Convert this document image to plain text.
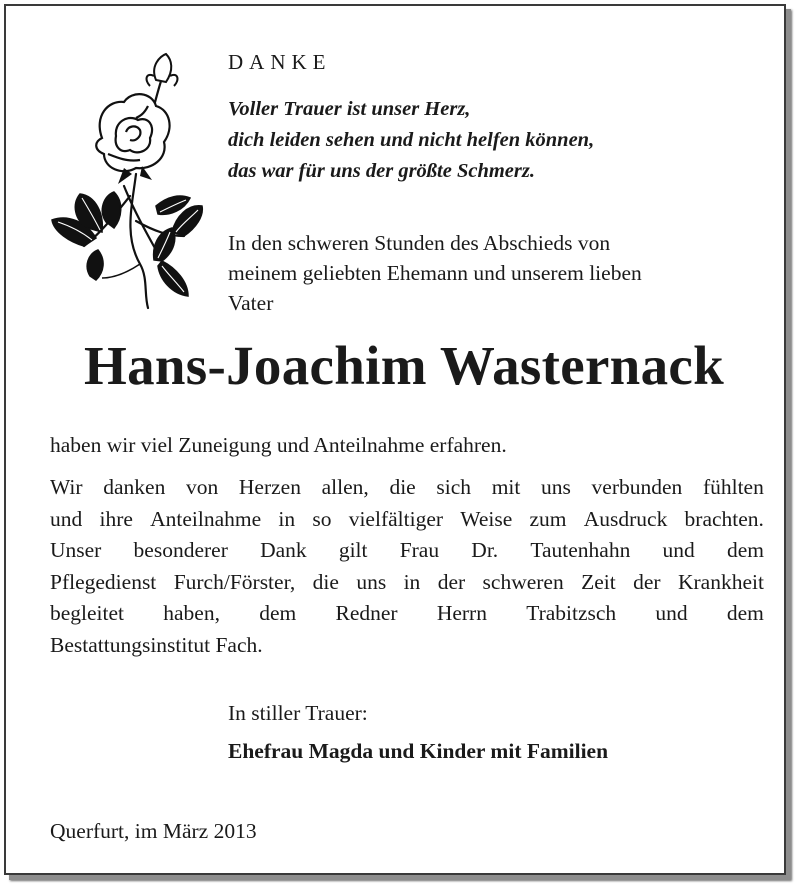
DANKE
Voller Trauer ist unser Herz,
dich leiden sehen und nicht helfen können,
das war für uns der größte Schmerz.
In den schweren Stunden des Abschieds von
meinem geliebten Ehemann und unserem lieben
Vater
Hans-Joachim Wasternack
haben wir viel Zuneigung und Anteilnahme erfahren.
Wir danken von Herzen allen, die sich mit uns verbunden fühlten
und ihre Anteilnahme in so vielfältiger Weise zum Ausdruck brachten.
Unser besonderer Dank gilt Frau Dr. Tautenhahn und dem
Pflegedienst Furch/Förster, die uns in der schweren Zeit der Krankheit
begleitet haben, dem Redner Herrn Trabitzsch und dem
Bestattungsinstitut Fach.
In stiller Trauer:
Ehefrau Magda und Kinder mit Familien
Querfurt, im März 2013
